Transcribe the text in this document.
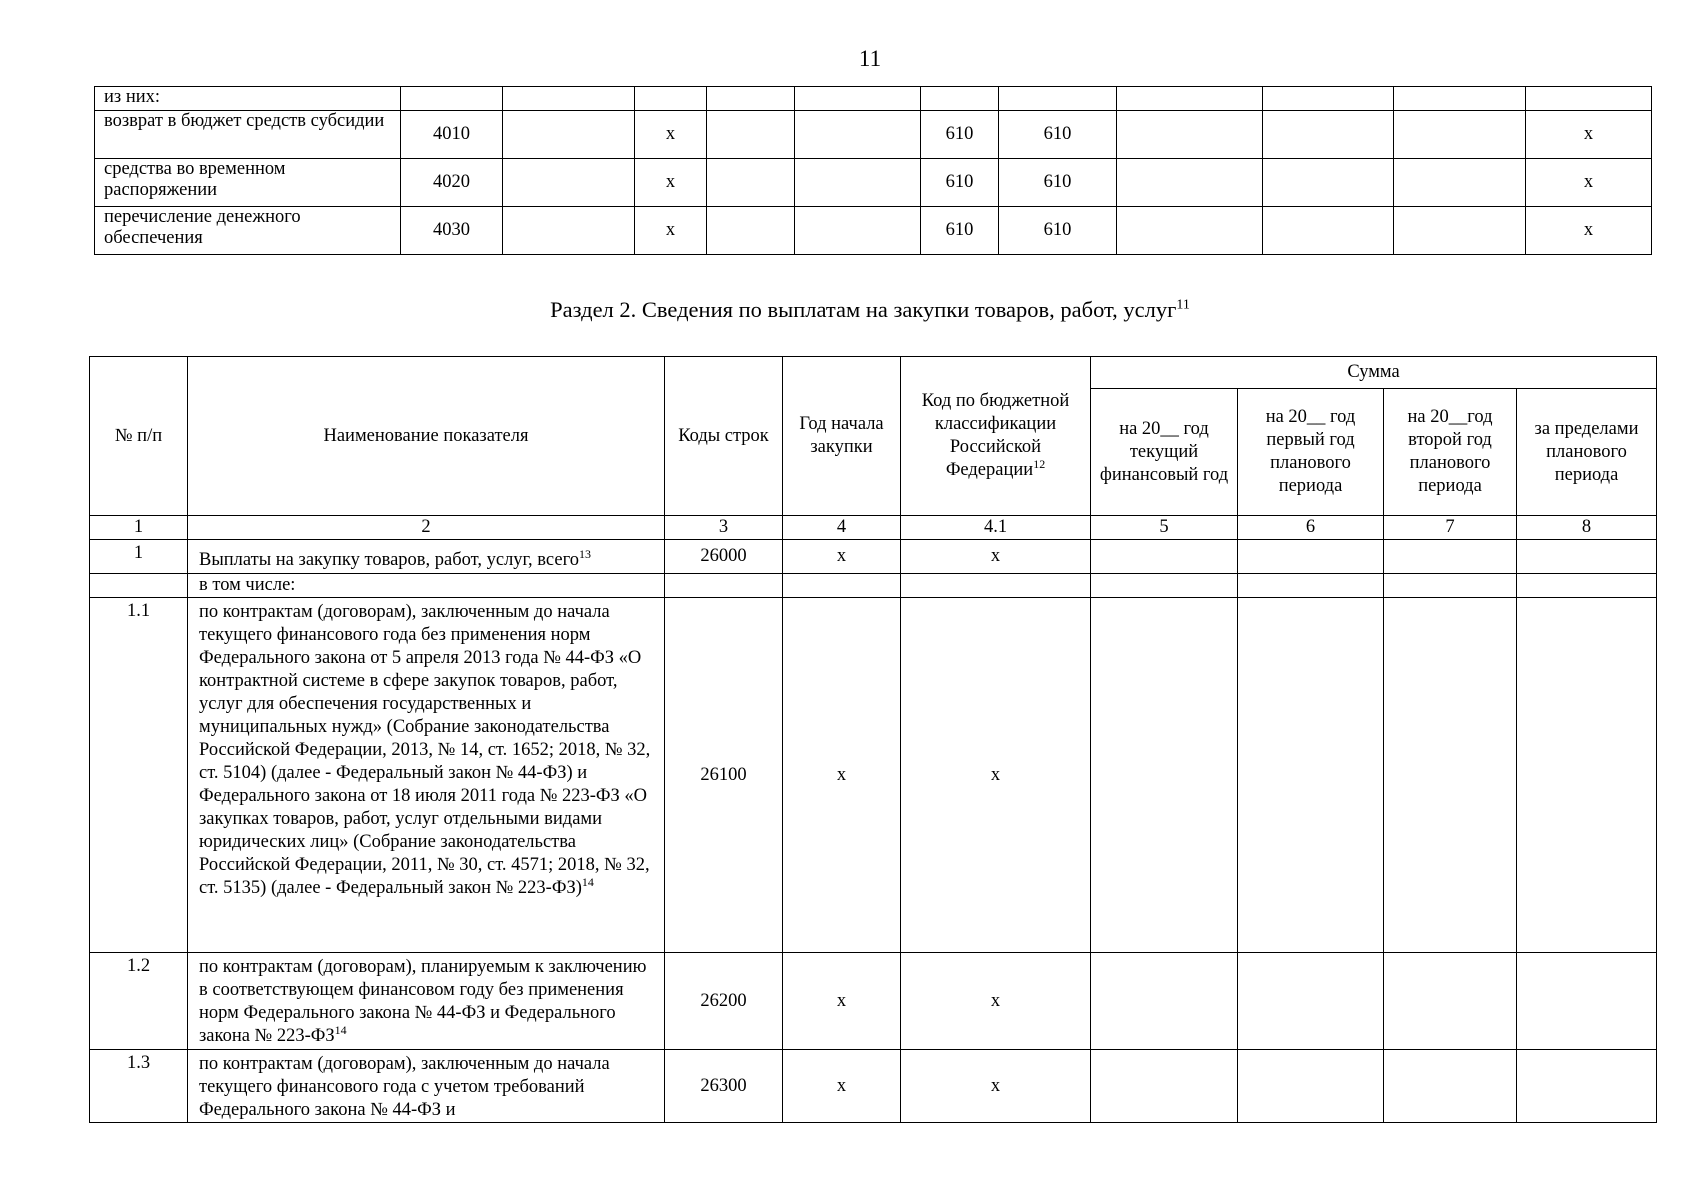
11
из них:											
возврат в бюджет средств субсидии	4010		x			610	610				x
средства во временном распоряжении	4020		x			610	610				x
перечисление денежного обеспечения	4030		x			610	610				x
Раздел 2. Сведения по выплатам на закупки товаров, работ, услуг$^{11}$
№ п/п	Наименование показателя	Коды строк	Год начала закупки	Код по бюджетной классификации Российской Федерации$^{12}$	Сумма			
					на 20__ год текущий финансовый год	на 20__ год первый год планового периода	на 20__год второй год планового периода	за пределами планового периода
1	2	3	4	4.1	5	6	7	8
1	Выплаты на закупку товаров, работ, услуг, всего$^{13}$	26000	x	x				
	в том числе:							
1.1	по контрактам (договорам), заключенным до начала текущего финансового года без применения норм Федерального закона от 5 апреля 2013 года № 44-ФЗ «О контрактной системе в сфере закупок товаров, работ, услуг для обеспечения государственных и муниципальных нужд» (Собрание законодательства Российской Федерации, 2013, № 14, ст. 1652; 2018, № 32, ст. 5104) (далее - Федеральный закон № 44-ФЗ) и Федерального закона от 18 июля 2011 года № 223-ФЗ «О закупках товаров, работ, услуг отдельными видами юридических лиц» (Собрание законодательства Российской Федерации, 2011, № 30, ст. 4571; 2018, № 32, ст. 5135) (далее - Федеральный закон № 223-ФЗ)$^{14}$	26100	x	x				
1.2	по контрактам (договорам), планируемым к заключению в соответствующем финансовом году без применения норм Федерального закона № 44-ФЗ и Федерального закона № 223-ФЗ$^{14}$	26200	x	x				
1.3	по контрактам (договорам), заключенным до начала текущего финансового года с учетом требований Федерального закона № 44-ФЗ и	26300	x	x				
